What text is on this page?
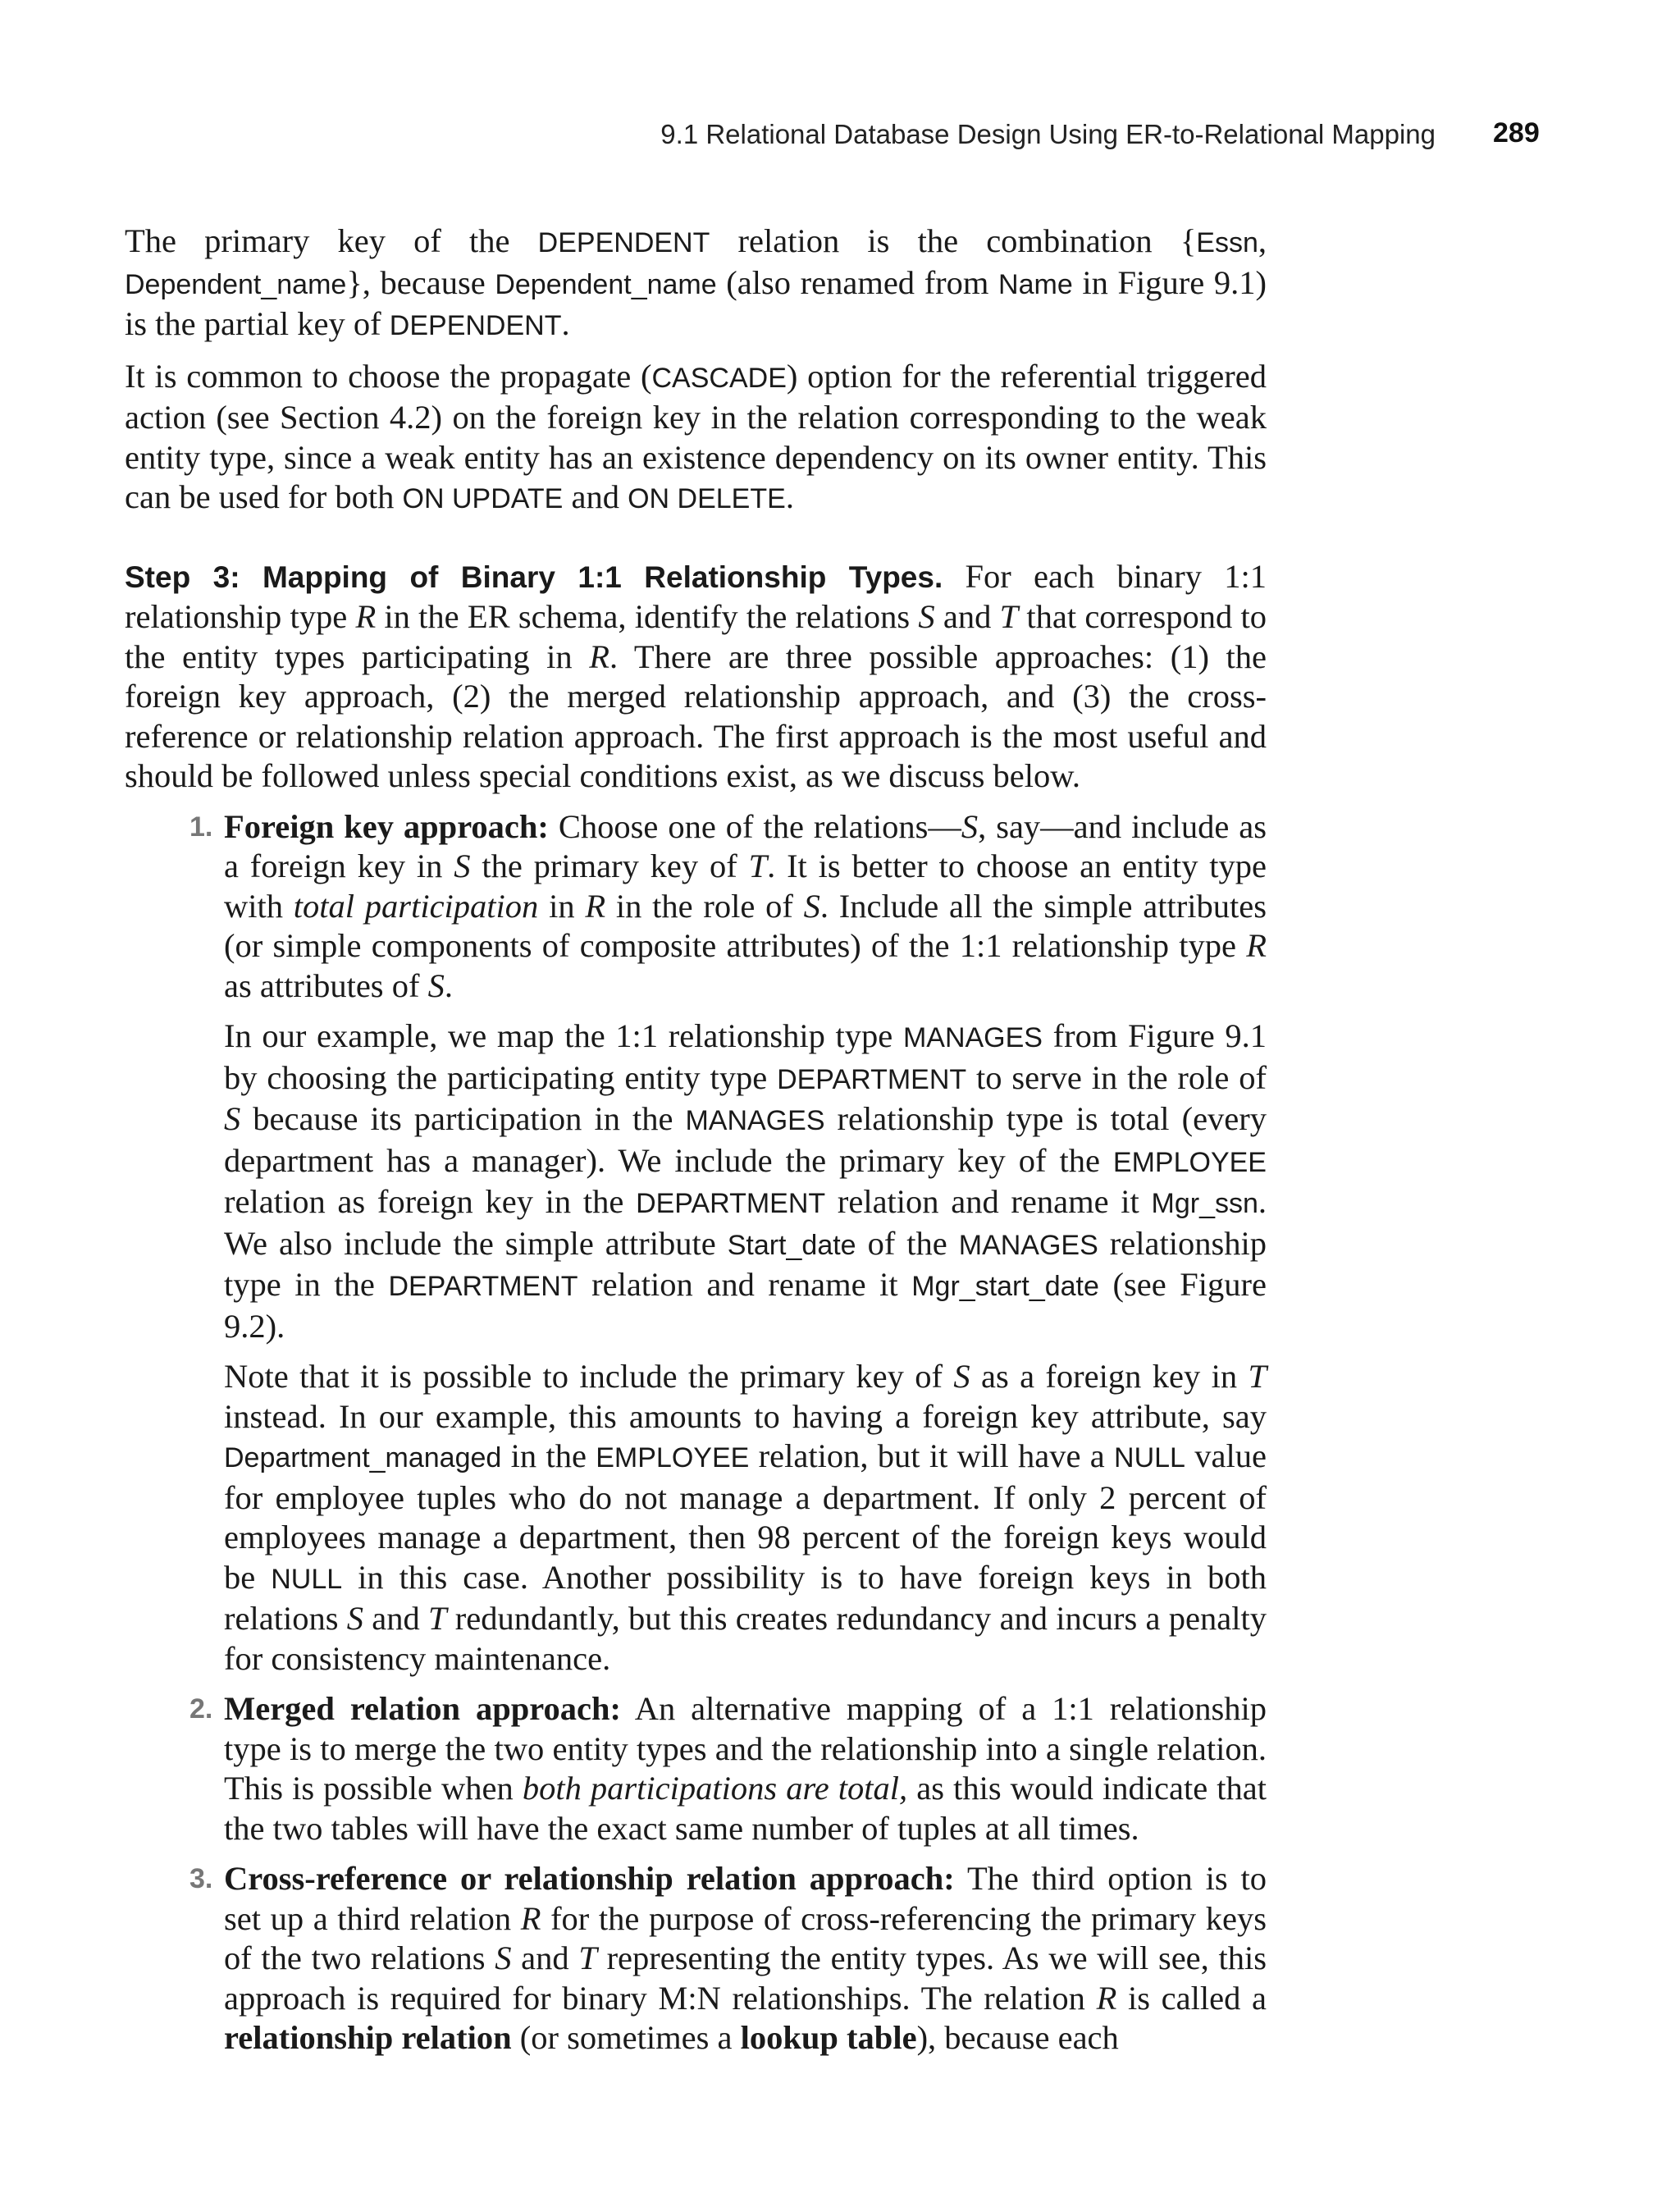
9.1 Relational Database Design Using ER-to-Relational Mapping	289

The primary key of the DEPENDENT relation is the combination {Essn, Dependent_name}, because Dependent_name (also renamed from Name in Figure 9.1) is the partial key of DEPENDENT.

It is common to choose the propagate (CASCADE) option for the referential triggered action (see Section 4.2) on the foreign key in the relation corresponding to the weak entity type, since a weak entity has an existence dependency on its owner entity. This can be used for both ON UPDATE and ON DELETE.

Step 3: Mapping of Binary 1:1 Relationship Types. For each binary 1:1 relationship type R in the ER schema, identify the relations S and T that correspond to the entity types participating in R. There are three possible approaches: (1) the foreign key approach, (2) the merged relationship approach, and (3) the cross-reference or relationship relation approach. The first approach is the most useful and should be followed unless special conditions exist, as we discuss below.

1. Foreign key approach: Choose one of the relations—S, say—and include as a foreign key in S the primary key of T. It is better to choose an entity type with total participation in R in the role of S. Include all the simple attributes (or simple components of composite attributes) of the 1:1 relationship type R as attributes of S.

In our example, we map the 1:1 relationship type MANAGES from Figure 9.1 by choosing the participating entity type DEPARTMENT to serve in the role of S because its participation in the MANAGES relationship type is total (every department has a manager). We include the primary key of the EMPLOYEE relation as foreign key in the DEPARTMENT relation and rename it Mgr_ssn. We also include the simple attribute Start_date of the MANAGES relationship type in the DEPARTMENT relation and rename it Mgr_start_date (see Figure 9.2).

Note that it is possible to include the primary key of S as a foreign key in T instead. In our example, this amounts to having a foreign key attribute, say Department_managed in the EMPLOYEE relation, but it will have a NULL value for employee tuples who do not manage a department. If only 2 percent of employees manage a department, then 98 percent of the foreign keys would be NULL in this case. Another possibility is to have foreign keys in both relations S and T redundantly, but this creates redundancy and incurs a penalty for consistency maintenance.

2. Merged relation approach: An alternative mapping of a 1:1 relationship type is to merge the two entity types and the relationship into a single relation. This is possible when both participations are total, as this would indicate that the two tables will have the exact same number of tuples at all times.

3. Cross-reference or relationship relation approach: The third option is to set up a third relation R for the purpose of cross-referencing the primary keys of the two relations S and T representing the entity types. As we will see, this approach is required for binary M:N relationships. The relation R is called a relationship relation (or sometimes a lookup table), because each
